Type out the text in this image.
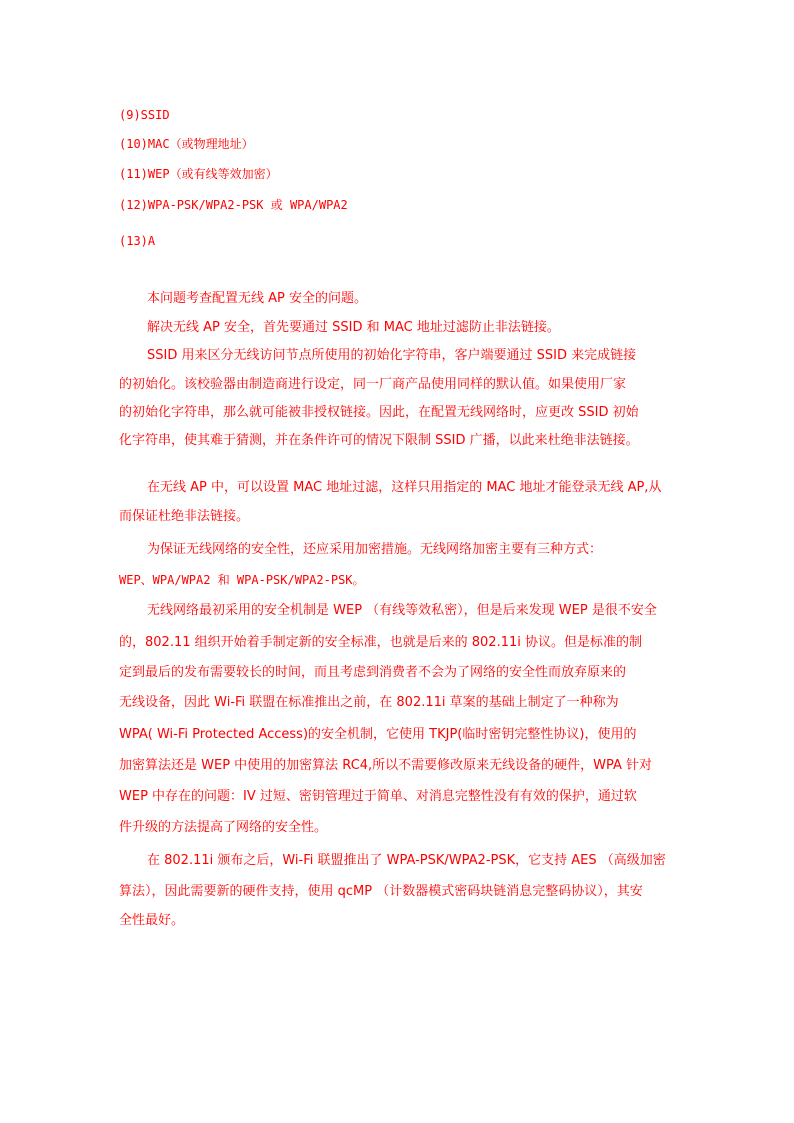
(9)SSID
(10)MAC（或物理地址）
(11)WEP（或有线等效加密）
(12)WPA-PSK/WPA2-PSK 或 WPA/WPA2
(13)A
本问题考查配置无线 AP 安全的问题。
解决无线 AP 安全，首先要通过 SSID 和 MAC 地址过滤防止非法链接。
SSID 用来区分无线访问节点所使用的初始化字符串，客户端要通过 SSID 来完成链接
的初始化。该校验器由制造商进行设定，同一厂商产品使用同样的默认值。如果使用厂家
的初始化字符串，那么就可能被非授权链接。因此，在配置无线网络时，应更改 SSID 初始
化字符串，使其难于猜测，并在条件许可的情况下限制 SSID 广播，以此来杜绝非法链接。
在无线 AP 中，可以设置 MAC 地址过滤，这样只用指定的 MAC 地址才能登录无线 AP,从
而保证杜绝非法链接。
为保证无线网络的安全性，还应采用加密措施。无线网络加密主要有三种方式：
WEP、WPA/WPA2 和 WPA-PSK/WPA2-PSK。
无线网络最初采用的安全机制是 WEP （有线等效私密），但是后来发现 WEP 是很不安全
的，802.11 组织开始着手制定新的安全标准，也就是后来的 802.11i 协议。但是标准的制
定到最后的发布需要较长的时间，而且考虑到消费者不会为了网络的安全性而放弃原来的
无线设备，因此 Wi-Fi 联盟在标准推出之前，在 802.11i 草案的基础上制定了一种称为
WPA( Wi-Fi Protected Access)的安全机制，它使用 TKJP(临时密钥完整性协议)，使用的
加密算法还是 WEP 中使用的加密算法 RC4,所以不需要修改原来无线设备的硬件，WPA 针对
WEP 中存在的问题：IV 过短、密钥管理过于简单、对消息完整性没有有效的保护，通过软
件升级的方法提高了网络的安全性。
在 802.11i 颁布之后，Wi-Fi 联盟推出了 WPA-PSK/WPA2-PSK，它支持 AES （高级加密
算法），因此需要新的硬件支持，使用 qcMP （计数器模式密码块链消息完整码协议），其安
全性最好。
